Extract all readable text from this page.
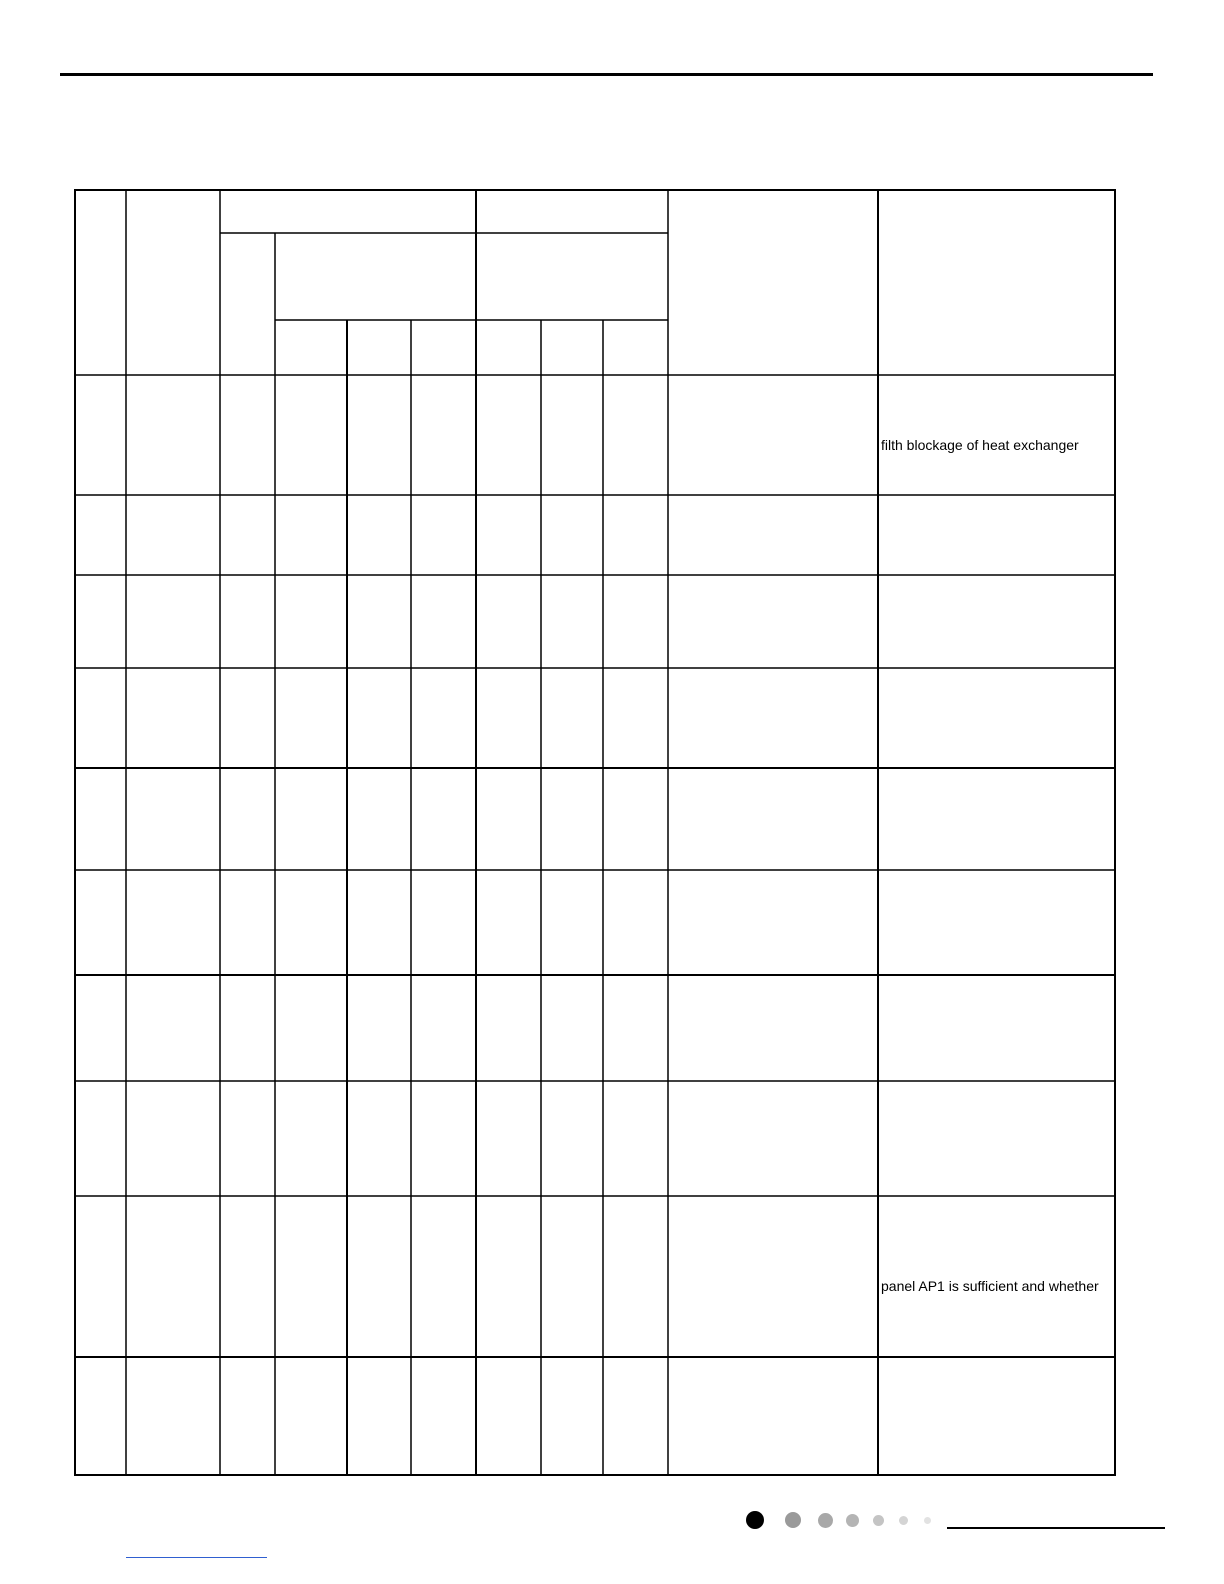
filth blockage of heat exchanger
panel AP1 is sufficient and whether
